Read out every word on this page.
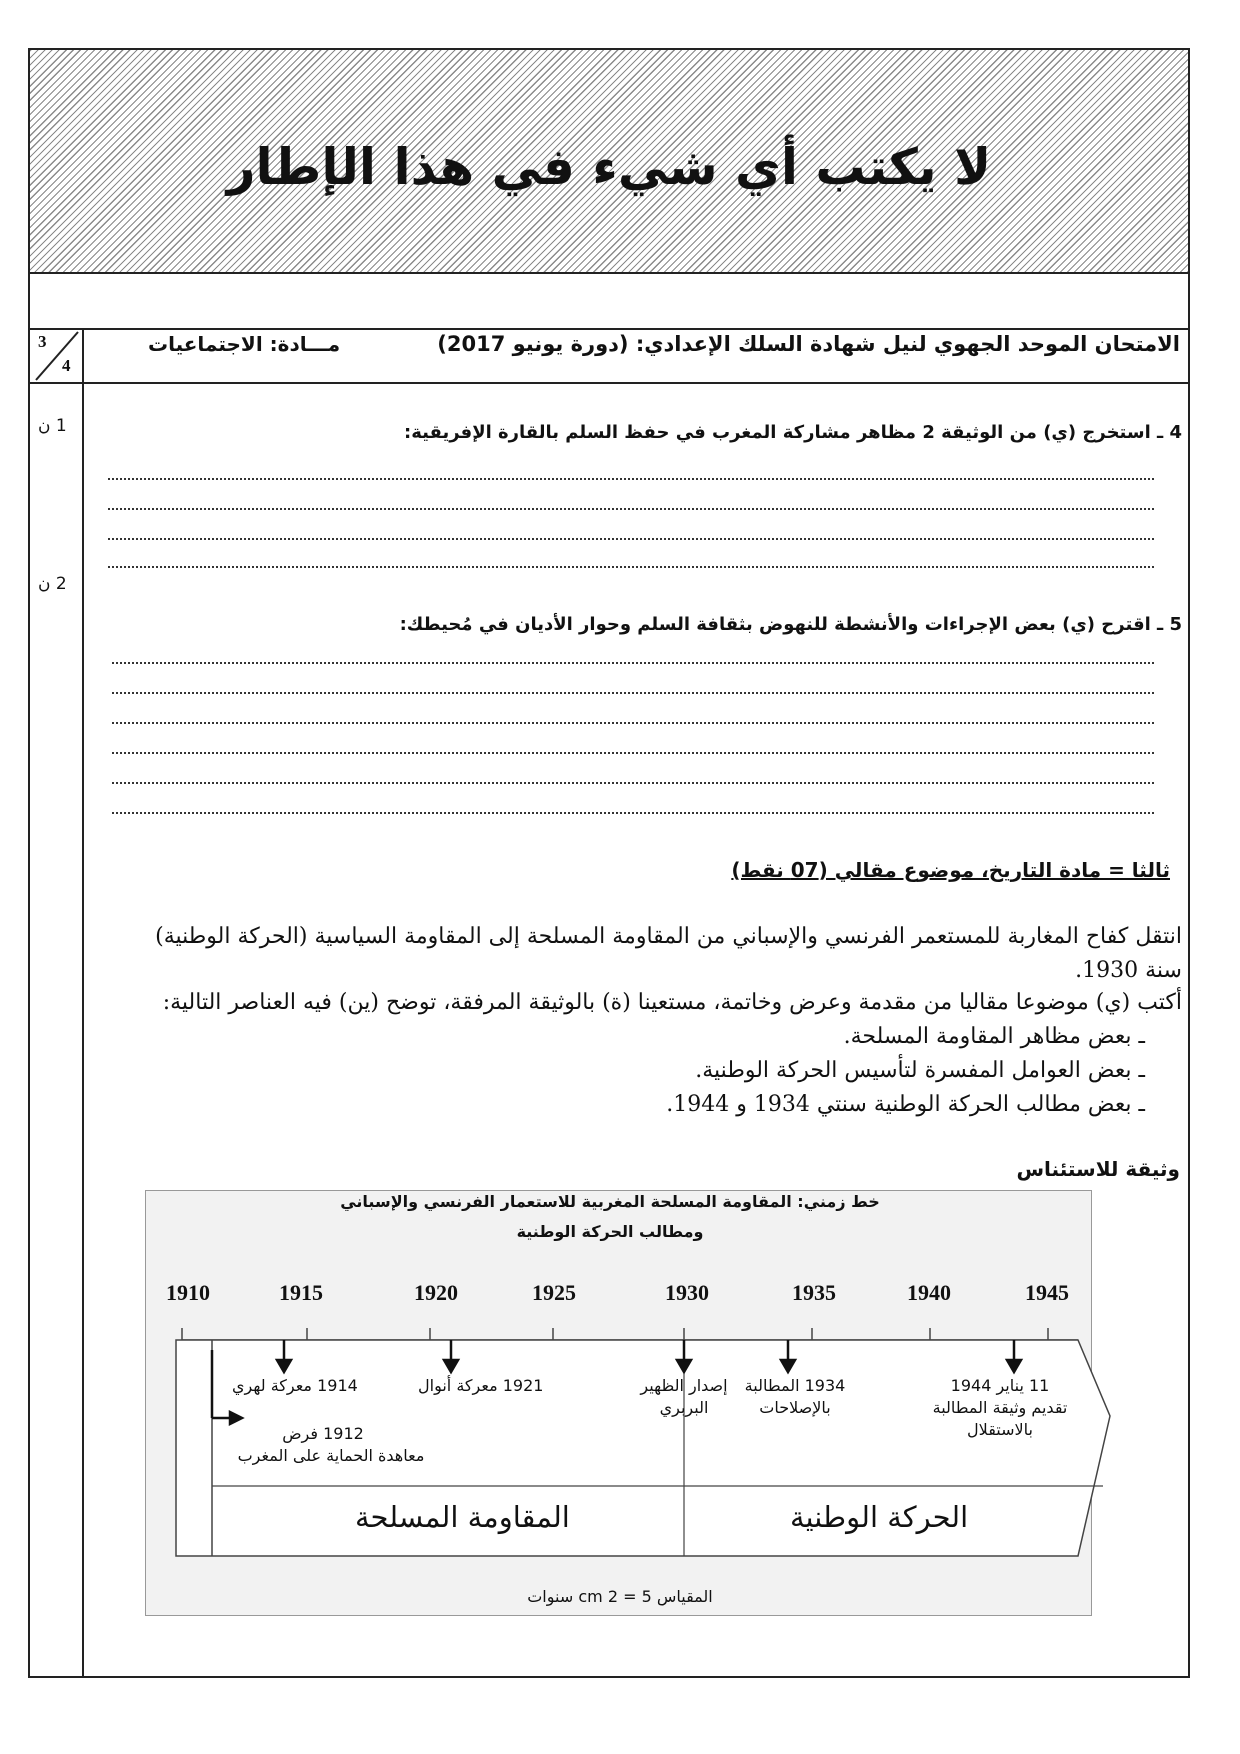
لا يكتب أي شيء في هذا الإطار
الامتحان الموحد الجهوي لنيل شهادة السلك الإعدادي: (دورة يونيو 2017)
مـــادة: الاجتماعيات
3
4
1 ن	4 ـ استخرج (ي) من الوثيقة 2 مظاهر مشاركة المغرب في حفظ السلم بالقارة الإفريقية:
2 ن
5 ـ اقترح (ي) بعض الإجراءات والأنشطة للنهوض بثقافة السلم وحوار الأديان في مُحيطك:
ثالثا = مادة التاريخ، موضوع مقالي (07 نقط)
انتقل كفاح المغاربة للمستعمر الفرنسي والإسباني من المقاومة المسلحة إلى المقاومة السياسية (الحركة الوطنية)
سنة 1930.
أكتب (ي) موضوعا مقاليا من مقدمة وعرض وخاتمة، مستعينا (ة) بالوثيقة المرفقة، توضح (ين) فيه العناصر التالية:
ـ بعض مظاهر المقاومة المسلحة.
ـ بعض العوامل المفسرة لتأسيس الحركة الوطنية.
ـ بعض مطالب الحركة الوطنية سنتي 1934 و 1944.
وثيقة للاستئناس
خط زمني: المقاومة المسلحة المغربية للاستعمار الفرنسي والإسباني
ومطالب الحركة الوطنية
1910	1915	1920	1925	1930	1935	1940	1945
1914 معركة لهري	1921 معركة أنوال	إصدار الظهير
البربري
1934 المطالبة
بالإصلاحات
11 يناير 1944
تقديم وثيقة المطالبة
بالاستقلال
1912 فرض
معاهدة الحماية على المغرب
المقاومة المسلحة	الحركة الوطنية
المقياس 5 = 2 cm سنوات
